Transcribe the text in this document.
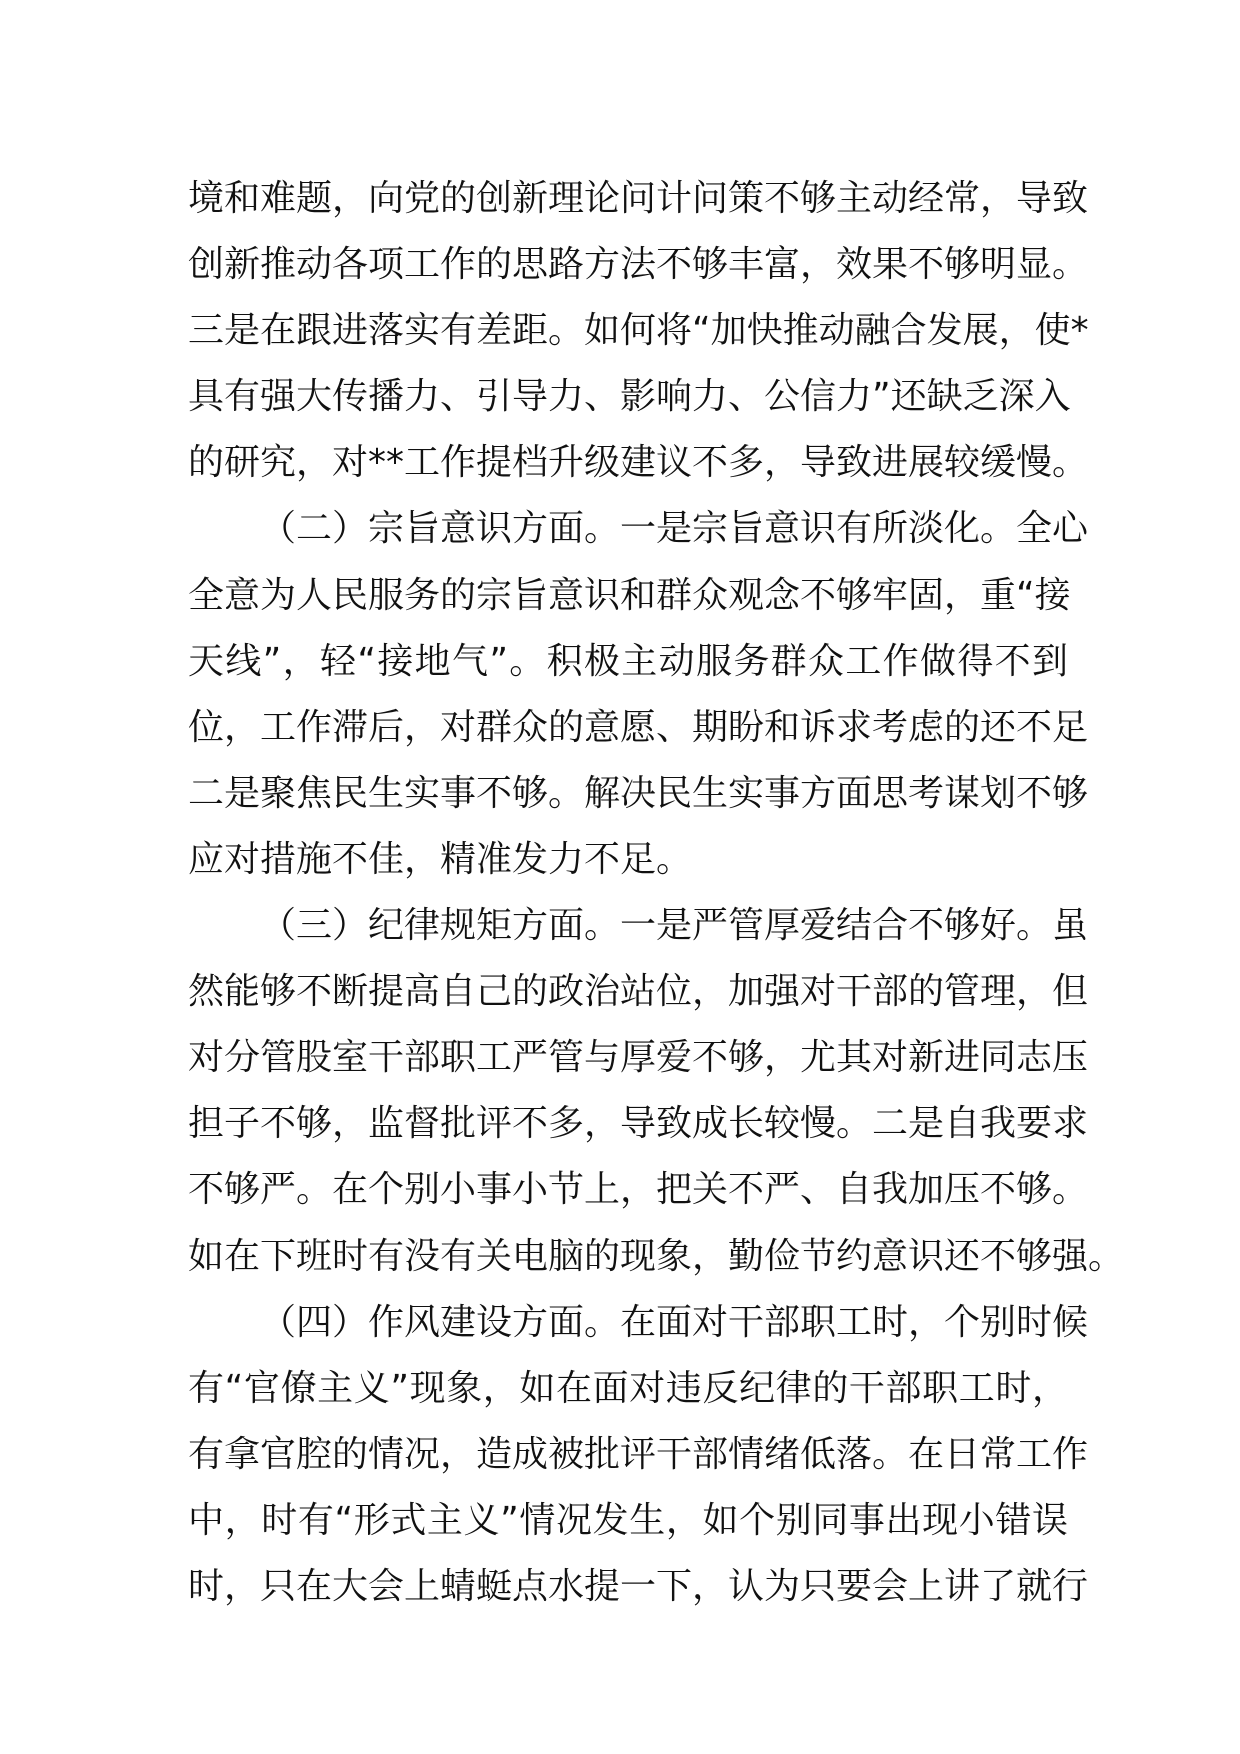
境和难题，向党的创新理论问计问策不够主动经常，导致
创新推动各项工作的思路方法不够丰富，效果不够明显。
三是在跟进落实有差距。如何将“加快推动融合发展，使*
具有强大传播力、引导力、影响力、公信力”还缺乏深入
的研究，对**工作提档升级建议不多，导致进展较缓慢。
（二）宗旨意识方面。一是宗旨意识有所淡化。全心
全意为人民服务的宗旨意识和群众观念不够牢固，重“接
天线”，轻“接地气”。积极主动服务群众工作做得不到
位，工作滞后，对群众的意愿、期盼和诉求考虑的还不足
二是聚焦民生实事不够。解决民生实事方面思考谋划不够
应对措施不佳，精准发力不足。
（三）纪律规矩方面。一是严管厚爱结合不够好。虽
然能够不断提高自己的政治站位，加强对干部的管理，但
对分管股室干部职工严管与厚爱不够，尤其对新进同志压
担子不够，监督批评不多，导致成长较慢。二是自我要求
不够严。在个别小事小节上，把关不严、自我加压不够。
如在下班时有没有关电脑的现象，勤俭节约意识还不够强。
（四）作风建设方面。在面对干部职工时，个别时候
有“官僚主义”现象，如在面对违反纪律的干部职工时，
有拿官腔的情况，造成被批评干部情绪低落。在日常工作
中，时有“形式主义”情况发生，如个别同事出现小错误
时，只在大会上蜻蜓点水提一下，认为只要会上讲了就行
